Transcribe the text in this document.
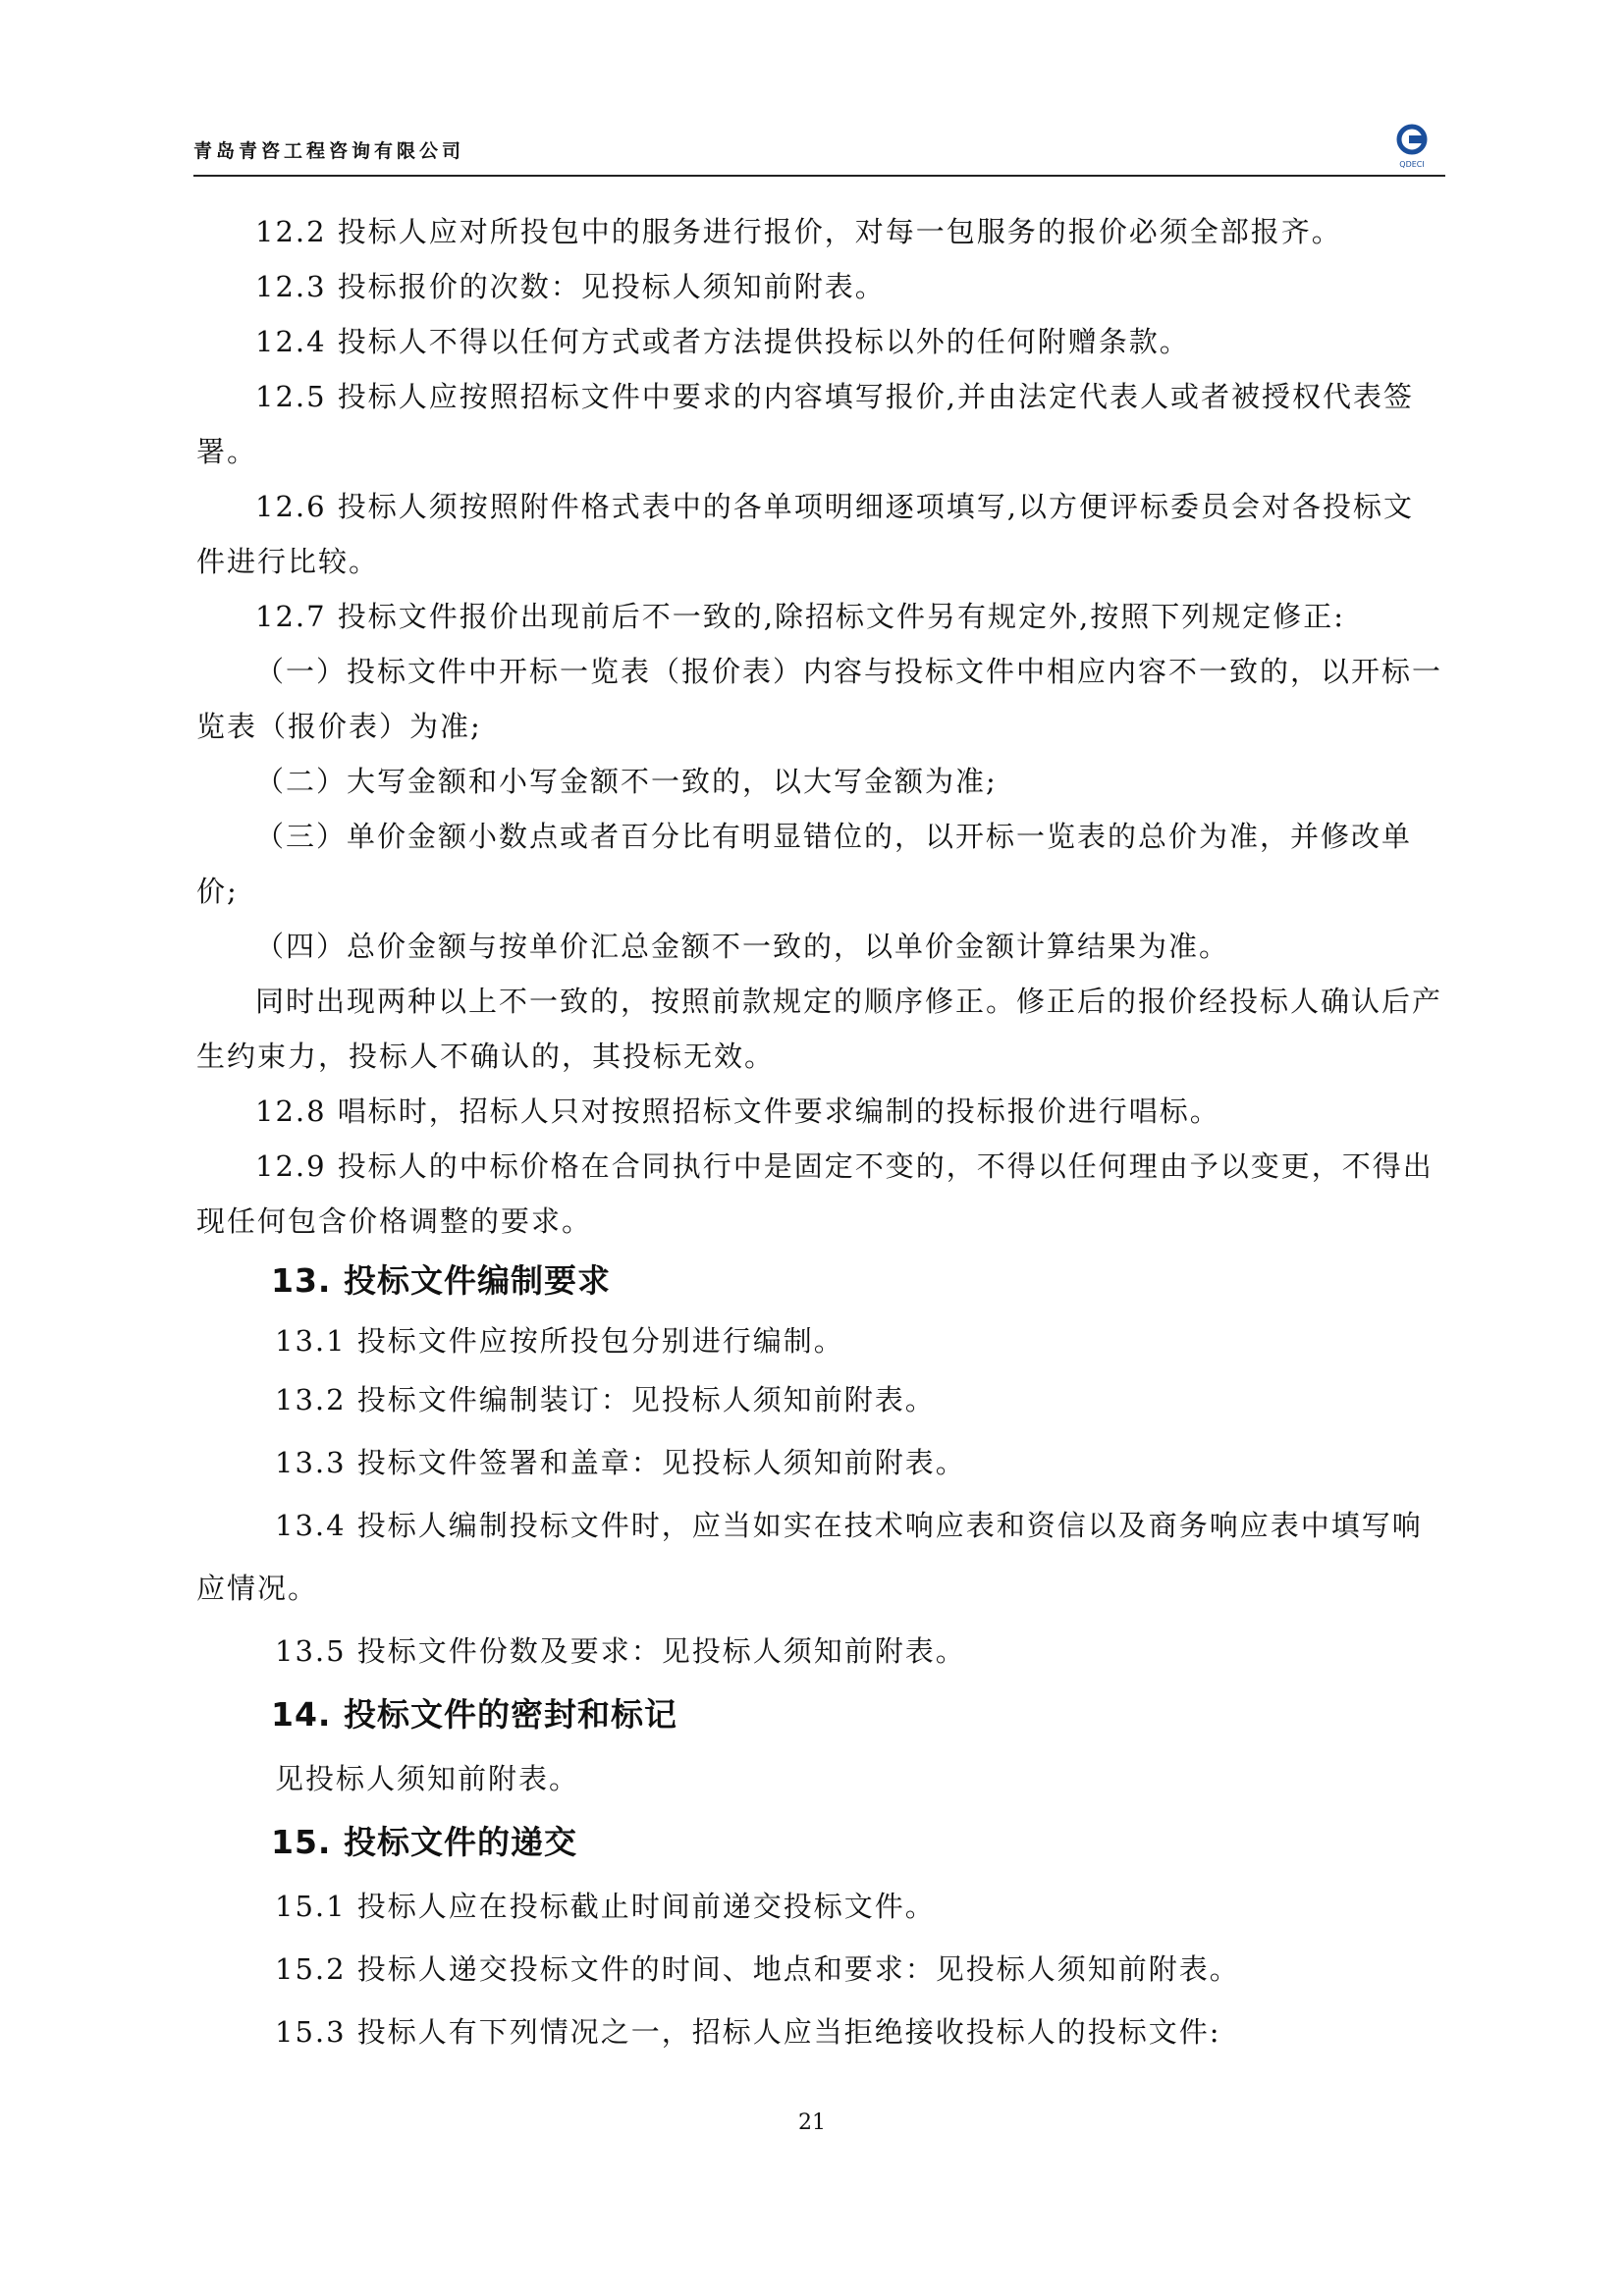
青岛青咨工程咨询有限公司
QDECI

12.2 投标人应对所投包中的服务进行报价，对每一包服务的报价必须全部报齐。

12.3 投标报价的次数：见投标人须知前附表。

12.4 投标人不得以任何方式或者方法提供投标以外的任何附赠条款。

12.5 投标人应按照招标文件中要求的内容填写报价,并由法定代表人或者被授权代表签署。

12.6 投标人须按照附件格式表中的各单项明细逐项填写,以方便评标委员会对各投标文件进行比较。

12.7 投标文件报价出现前后不一致的,除招标文件另有规定外,按照下列规定修正:

（一）投标文件中开标一览表（报价表）内容与投标文件中相应内容不一致的，以开标一览表（报价表）为准;

（二）大写金额和小写金额不一致的，以大写金额为准;

（三）单价金额小数点或者百分比有明显错位的，以开标一览表的总价为准，并修改单价;

（四）总价金额与按单价汇总金额不一致的，以单价金额计算结果为准。

同时出现两种以上不一致的，按照前款规定的顺序修正。修正后的报价经投标人确认后产生约束力，投标人不确认的，其投标无效。

12.8 唱标时，招标人只对按照招标文件要求编制的投标报价进行唱标。

12.9 投标人的中标价格在合同执行中是固定不变的，不得以任何理由予以变更，不得出现任何包含价格调整的要求。

13. 投标文件编制要求

13.1 投标文件应按所投包分别进行编制。

13.2 投标文件编制装订：见投标人须知前附表。

13.3 投标文件签署和盖章：见投标人须知前附表。

13.4 投标人编制投标文件时，应当如实在技术响应表和资信以及商务响应表中填写响应情况。

13.5 投标文件份数及要求：见投标人须知前附表。

14. 投标文件的密封和标记

见投标人须知前附表。

15. 投标文件的递交

15.1 投标人应在投标截止时间前递交投标文件。

15.2 投标人递交投标文件的时间、地点和要求：见投标人须知前附表。

15.3 投标人有下列情况之一，招标人应当拒绝接收投标人的投标文件:

21
